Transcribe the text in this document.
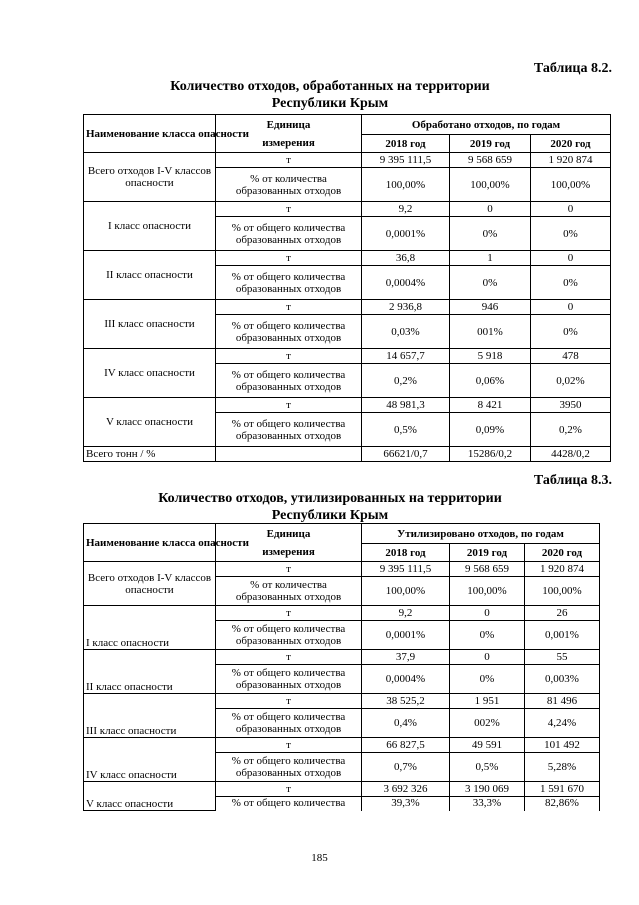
Таблица 8.2.
Количество отходов, обработанных на территории
Республики Крым
Наименование класса опасности	Единица	Обработано отходов, по годам		
	измерения	2018 год	2019 год	2020 год
Всего отходов I-V классов опасности	т	9 395 111,5	9 568 659	1 920 874
	% от количества образованных отходов	100,00%	100,00%	100,00%
I класс опасности	т	9,2	0	0
	% от общего количества образованных отходов	0,0001%	0%	0%
II класс опасности	т	36,8	1	0
	% от общего количества образованных отходов	0,0004%	0%	0%
III класс опасности	т	2 936,8	946	0
	% от общего количества образованных отходов	0,03%	001%	0%
IV класс опасности	т	14 657,7	5 918	478
	% от общего количества образованных отходов	0,2%	0,06%	0,02%
V класс опасности	т	48 981,3	8 421	3950
	% от общего количества образованных отходов	0,5%	0,09%	0,2%
Всего тонн / %		66621/0,7	15286/0,2	4428/0,2
Таблица 8.3.
Количество отходов, утилизированных на территории
Республики Крым
Наименование класса опасности	Единица	Утилизировано отходов, по годам		
	измерения	2018 год	2019 год	2020 год
Всего отходов I-V классов опасности	т	9 395 111,5	9 568 659	1 920 874
	% от количества образованных отходов	100,00%	100,00%	100,00%
I класс опасности	т	9,2	0	26
	% от общего количества образованных отходов	0,0001%	0%	0,001%
II класс опасности	т	37,9	0	55
	% от общего количества образованных отходов	0,0004%	0%	0,003%
III класс опасности	т	38 525,2	1 951	81 496
	% от общего количества образованных отходов	0,4%	002%	4,24%
IV класс опасности	т	66 827,5	49 591	101 492
	% от общего количества образованных отходов	0,7%	0,5%	5,28%
V класс опасности	т	3 692 326	3 190 069	1 591 670
	% от общего количества	39,3%	33,3%	82,86%
185
